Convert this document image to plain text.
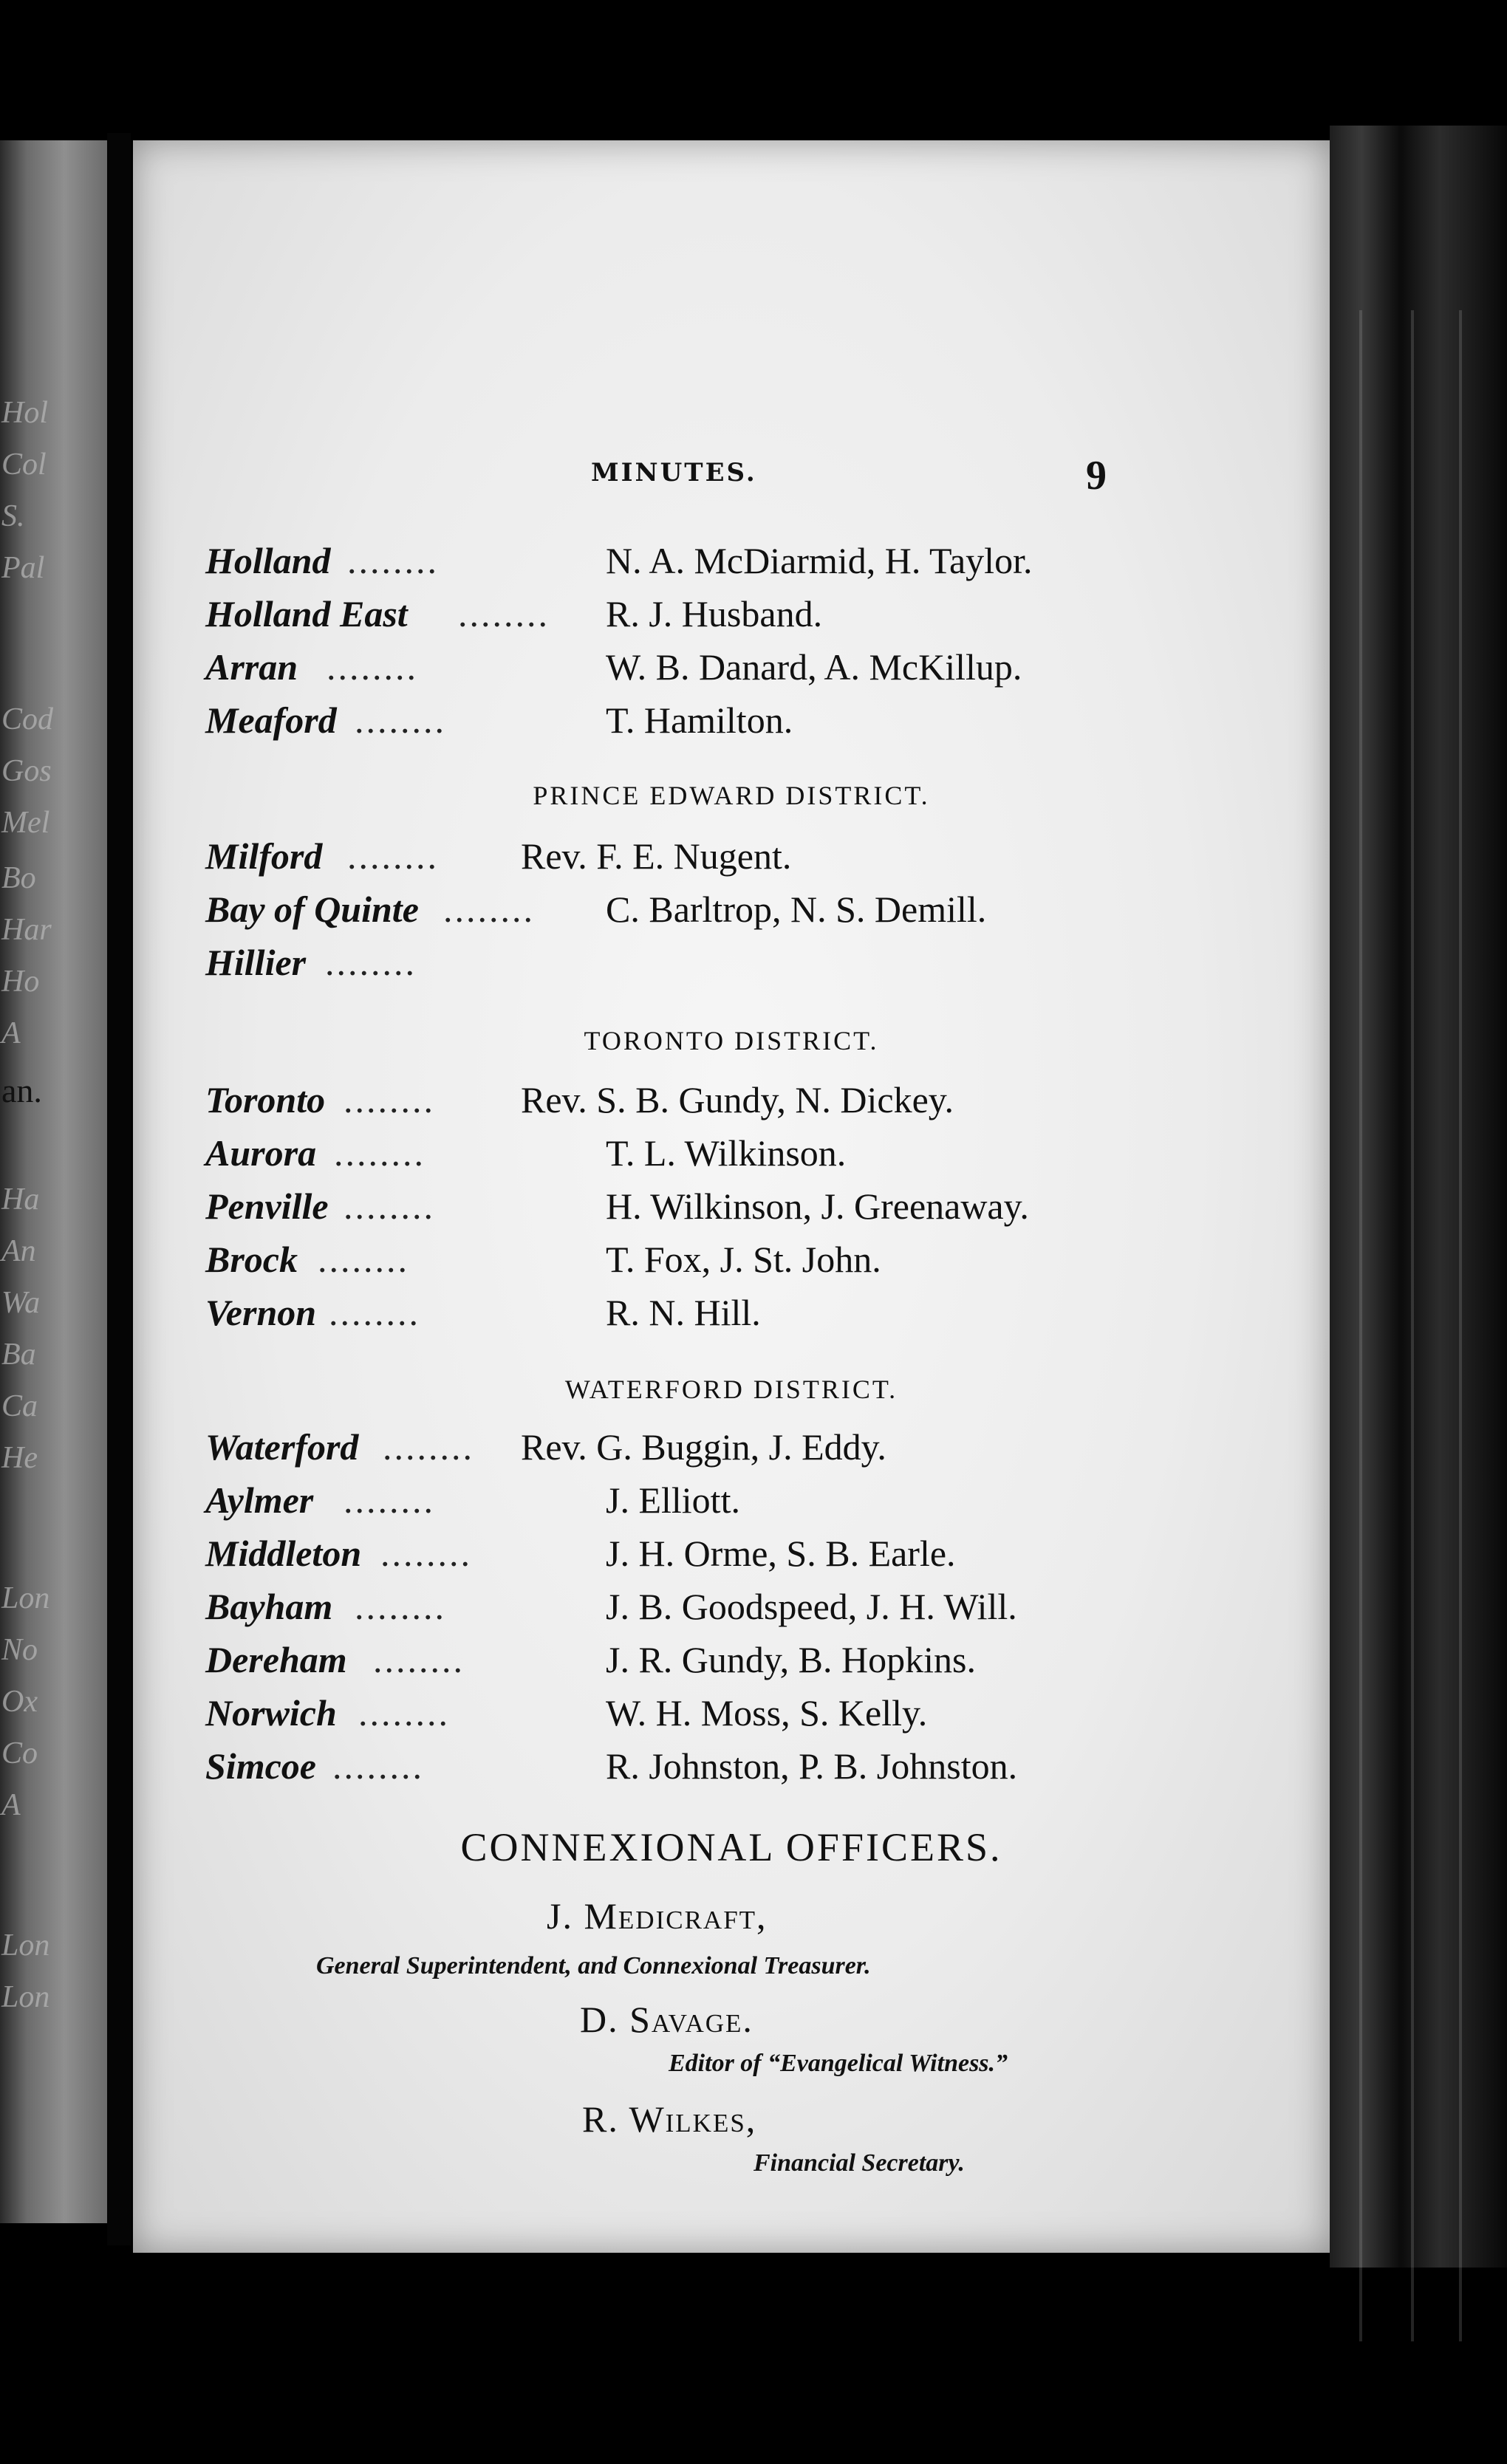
Hol
Col
S.
Pal
Cod
Gos
Mel
Bo
Har
Ho
A
an.
Ha
An
Wa
Ba
Ca
He
Lon
No
Ox
Co
A
Lon
Lon
MINUTES.	9
Holland ........	N. A. McDiarmid, H. Taylor.
Holland East ........ R. J. Husband.
Arran ........	W. B. Danard, A. McKillup.
Meaford ........	T. Hamilton.
PRINCE EDWARD DISTRICT.
Milford ........ Rev. F. E. Nugent.
Bay of Quinte ........ C. Barltrop, N. S. Demill.
Hillier ........
TORONTO DISTRICT.
Toronto ........ Rev. S. B. Gundy, N. Dickey.
Aurora ........	T. L. Wilkinson.
Penville ........	H. Wilkinson, J. Greenaway.
Brock ........	T. Fox, J. St. John.
Vernon ........	R. N. Hill.
WATERFORD DISTRICT.
Waterford ........	Rev. G. Buggin, J. Eddy.
Aylmer ........	J. Elliott.
Middleton ........	J. H. Orme, S. B. Earle.
Bayham ........	J. B. Goodspeed, J. H. Will.
Dereham ........	J. R. Gundy, B. Hopkins.
Norwich ........	W. H. Moss, S. Kelly.
Simcoe ........	R. Johnston, P. B. Johnston.
CONNEXIONAL OFFICERS.
J. Medicraft,
General Superintendent, and Connexional Treasurer.
D. Savage.
Editor of “Evangelical Witness.”
R. Wilkes,
Financial Secretary.
